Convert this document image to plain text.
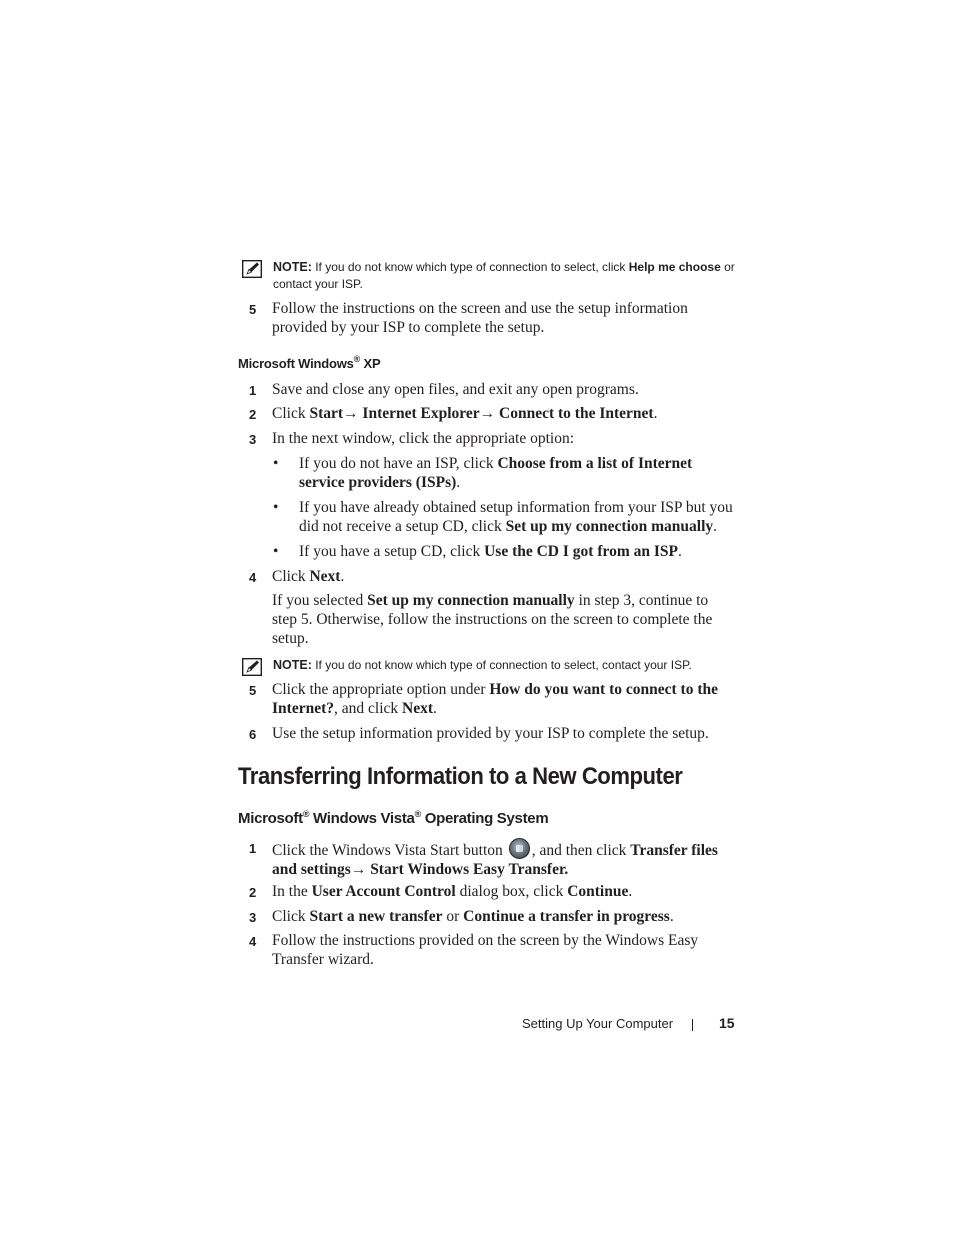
NOTE: If you do not know which type of connection to select, click Help me choose or contact your ISP.
5 Follow the instructions on the screen and use the setup information provided by your ISP to complete the setup.
Microsoft Windows® XP
1 Save and close any open files, and exit any open programs.
2 Click Start→ Internet Explorer→ Connect to the Internet.
3 In the next window, click the appropriate option:
• If you do not have an ISP, click Choose from a list of Internet service providers (ISPs).
• If you have already obtained setup information from your ISP but you did not receive a setup CD, click Set up my connection manually.
• If you have a setup CD, click Use the CD I got from an ISP.
4 Click Next.
If you selected Set up my connection manually in step 3, continue to step 5. Otherwise, follow the instructions on the screen to complete the setup.
NOTE: If you do not know which type of connection to select, contact your ISP.
5 Click the appropriate option under How do you want to connect to the Internet?, and click Next.
6 Use the setup information provided by your ISP to complete the setup.
Transferring Information to a New Computer
Microsoft® Windows Vista® Operating System
1 Click the Windows Vista Start button , and then click Transfer files and settings→ Start Windows Easy Transfer.
2 In the User Account Control dialog box, click Continue.
3 Click Start a new transfer or Continue a transfer in progress.
4 Follow the instructions provided on the screen by the Windows Easy Transfer wizard.
Setting Up Your Computer	15
